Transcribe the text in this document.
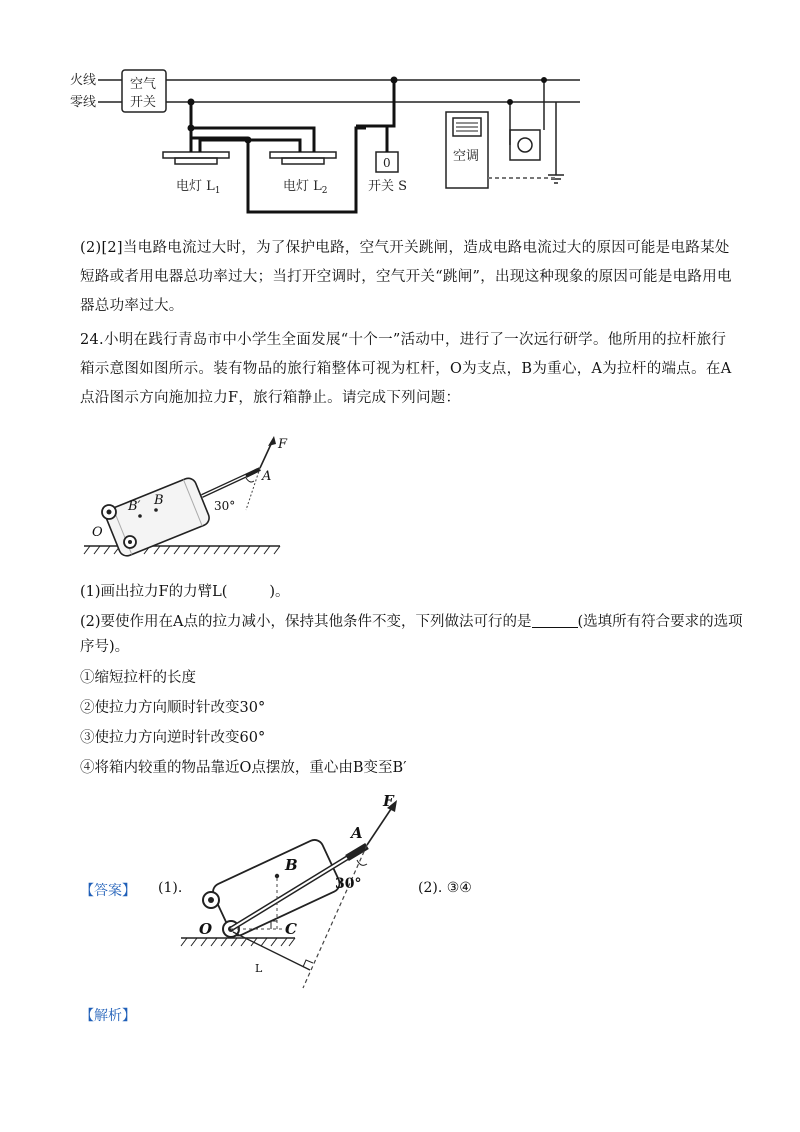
火线
零线
空气
开关
电灯 $L_1$	电灯 $L_2$
0
开关 S
空调
(2)[2]当电路电流过大时，为了保护电路，空气开关跳闸，造成电路电流过大的原因可能是电路某处短路或者用电器总功率过大；当打开空调时，空气开关“跳闸”，出现这种现象的原因可能是电路用电器总功率过大。
24.小明在践行青岛市中小学生全面发展“十个一”活动中，进行了一次远行研学。他所用的拉杆旅行箱示意图如图所示。装有物品的旅行箱整体可视为杠杆，O为支点，B为重心，A为拉杆的端点。在A点沿图示方向施加拉力F，旅行箱静止。请完成下列问题：
F
A
B
B′
O
30°
(1)画出拉力F的力臂L(	)。
(2)要使作用在A点的拉力减小，保持其他条件不变，下列做法可行的是	(选填所有符合要求的选项
序号)。
①缩短拉杆的长度
②使拉力方向顺时针改变30°
③使拉力方向逆时针改变60°
④将箱内较重的物品靠近O点摆放，重心由B变至B′
【答案】 (1).
F
A
B
O	C
30°
L
(2). ③④
【解析】
